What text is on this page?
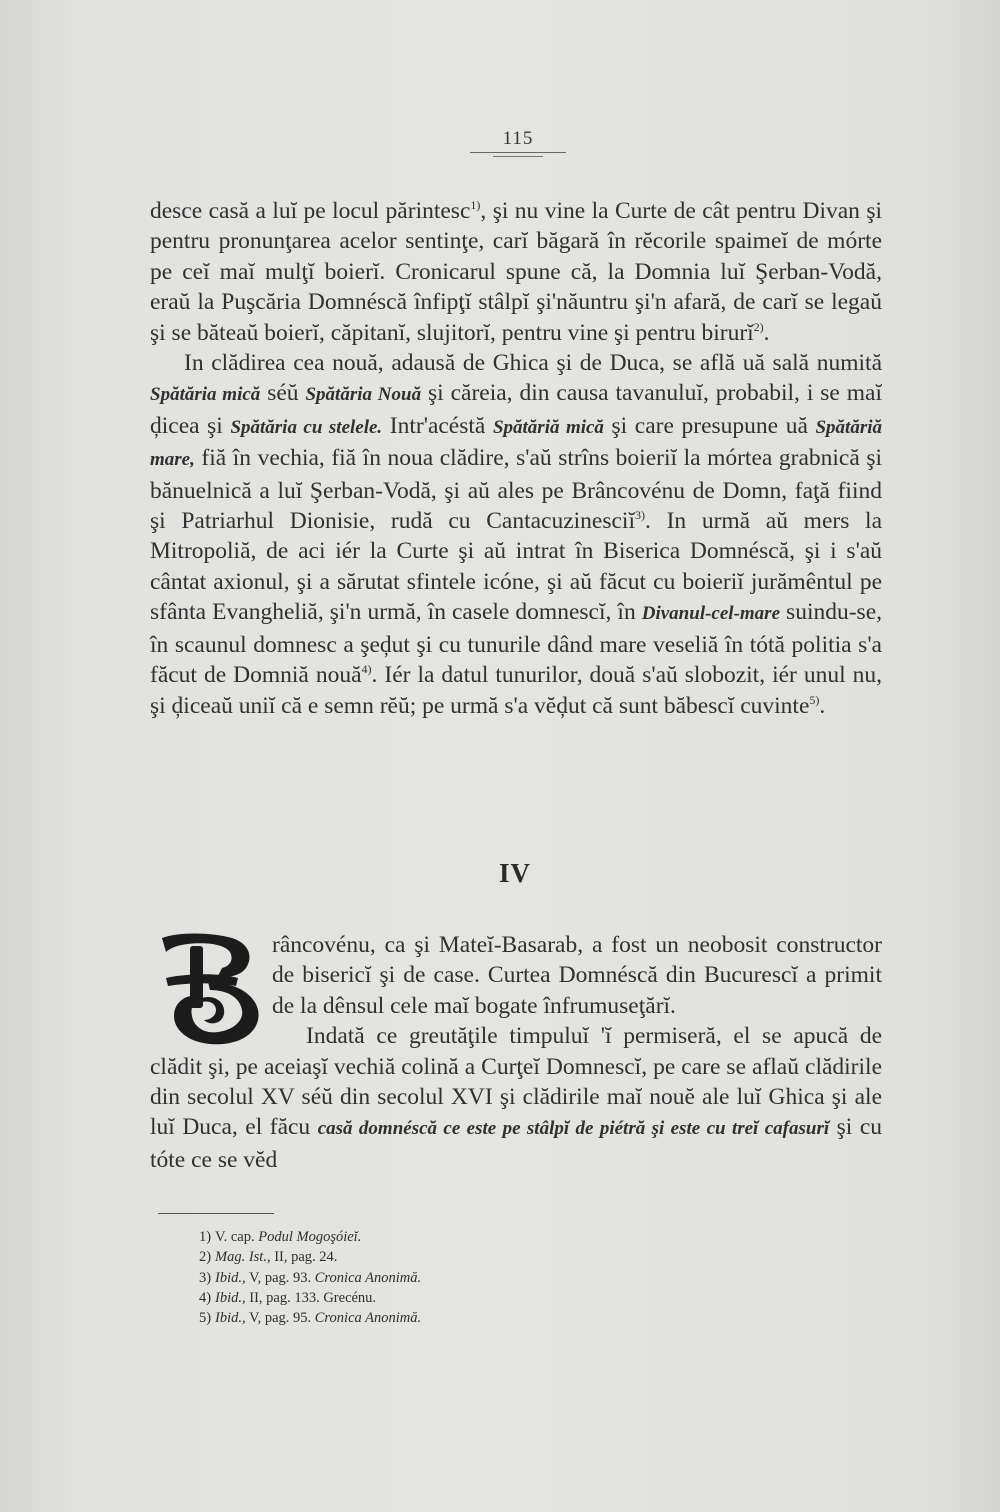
115

desce casă a luĭ pe locul părintesc$^{1)}$, şi nu vine la Curte de cât pentru Divan şi pentru pronunţarea acelor sentinţe, carĭ băgară în rĕcorile spaimeĭ de mórte pe ceĭ maĭ mulţĭ boierĭ. Cronicarul spune că, la Domnia luĭ Şerban-Vodă, eraŭ la Puşcăria Domnéscă înfipţĭ stâlpĭ şi'năuntru şi'n afară, de carĭ se legaŭ şi se băteaŭ boierĭ, căpitanĭ, slujitorĭ, pentru vine şi pentru birurĭ$^{2)}$.

In clădirea cea nouă, adausă de Ghica şi de Duca, se află uă sală numită Spătăria mică séŭ Spătăria Nouă şi căreia, din causa tavanuluĭ, probabil, i se maĭ ḑicea şi Spătăria cu stelele. Intr'acéstă Spătăriă mică şi care presupune uă Spătăriă mare, fiă în vechia, fiă în noua clădire, s'aŭ strîns boieriĭ la mórtea grabnică şi bănuelnică a luĭ Şerban-Vodă, şi aŭ ales pe Brâncovénu de Domn, faţă fiind şi Patriarhul Dionisie, rudă cu Cantacuzinesciĭ$^{3)}$. In urmă aŭ mers la Mitropoliă, de aci iér la Curte şi aŭ intrat în Biserica Domnéscă, şi i s'aŭ cântat axionul, şi a sărutat sfintele icóne, şi aŭ făcut cu boieriĭ jurămêntul pe sfânta Evangheliă, şi'n urmă, în casele domnescĭ, în Divanul-cel-mare suindu-se, în scaunul domnesc a şeḑut şi cu tunurile dând mare veseliă în tótă politia s'a făcut de Domniă nouă$^{4)}$. Iér la datul tunurilor, două s'aŭ slobozit, iér unul nu, şi ḑiceaŭ uniĭ că e semn rĕŭ; pe urmă s'a vĕḑut că sunt băbescĭ cuvinte$^{5)}$.

IV

râncovénu, ca şi Mateĭ-Basarab, a fost un neobosit constructor de bisericĭ şi de case. Curtea Domnéscă din Bucurescĭ a primit de la dênsul cele maĭ bogate înfrumuseţărĭ.

Indată ce greutăţile timpuluĭ 'ĭ permiseră, el se apucă de clădit şi, pe aceiaşĭ vechiă colină a Curţeĭ Domnescĭ, pe care se aflaŭ clădirile din secolul XV séŭ din secolul XVI şi clădirile maĭ nouĕ ale luĭ Ghica şi ale luĭ Duca, el făcu casă domnéscă ce este pe stâlpĭ de piétră şi este cu treĭ cafasurĭ şi cu tóte ce se vĕd

1) V. cap. Podul Mogoşóieĭ.
2) Mag. Ist., II, pag. 24.
3) Ibid., V, pag. 93. Cronica Anonimă.
4) Ibid., II, pag. 133. Grecénu.
5) Ibid., V, pag. 95. Cronica Anonimă.
